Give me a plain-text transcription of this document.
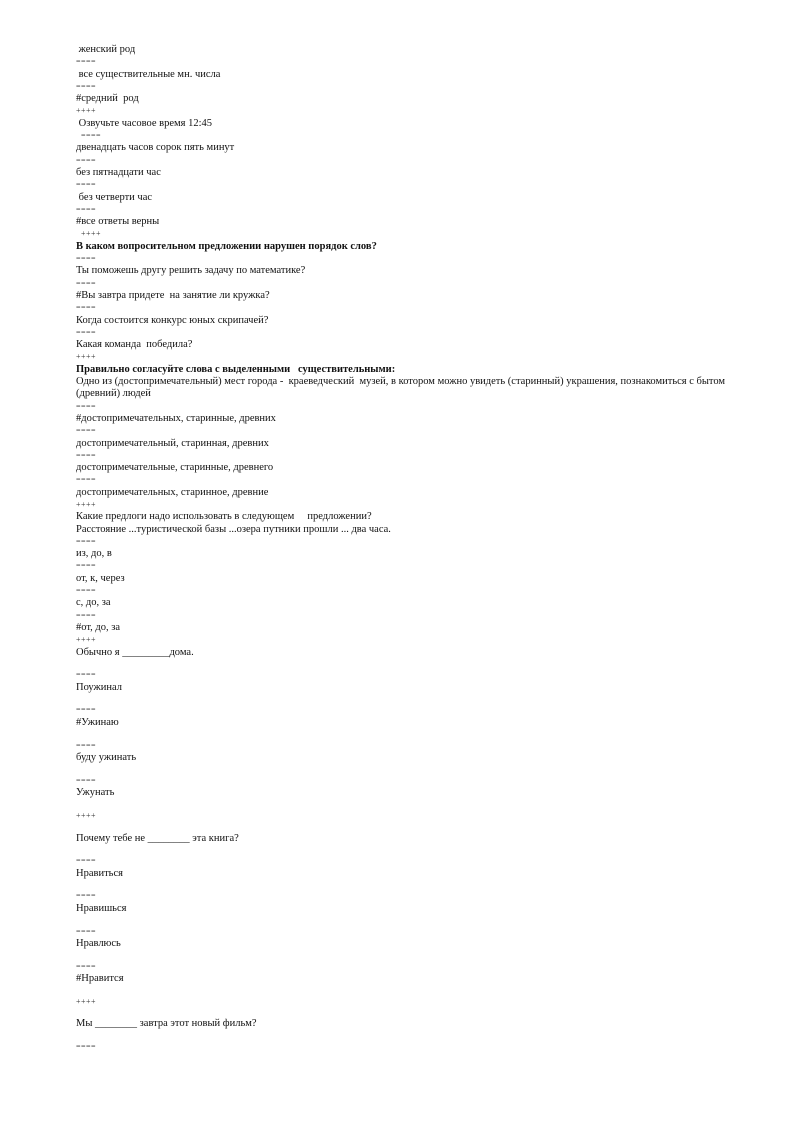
женский род
====
все существительные мн. числа
====
#средний  род
++++
Озвучьте часовое время 12:45
====
двенадцать часов сорок пять минут
====
без пятнадцати час
====
без четверти час
====
#все ответы верны
++++
В каком вопросительном предложении нарушен порядок слов?
====
Ты поможешь другу решить задачу по математике?
====
#Вы завтра придете  на занятие ли кружка?
====
Когда состоится конкурс юных скрипачей?
====
Какая команда  победила?
++++
Правильно согласуйте слова с выделенными   существительными:
Одно из (достопримечательный) мест города -  краеведческий  музей, в котором можно увидеть (старинный) украшения, познакомиться с бытом (древний) людей
====
#достопримечательных, старинные, древних
====
достопримечательный, старинная, древних
====
достопримечательные, старинные, древнего
====
достопримечательных, старинное, древние
++++
Какие предлоги надо использовать в следующем     предложении?
Расстояние ...туристической базы ...озера путники прошли ... два часа.
====
из, до, в
====
от, к, через
====
с, до, за
====
#от, до, за
++++
Обычно я _________дома.
====
Поужинал
====
#Ужинаю
====
буду ужинать
====
Ужунать
++++
Почему тебе не ________ эта книга?
====
Нравиться
====
Нравишься
====
Нравлюсь
====
#Нравится
++++
Мы ________ завтра этот новый фильм?
====
